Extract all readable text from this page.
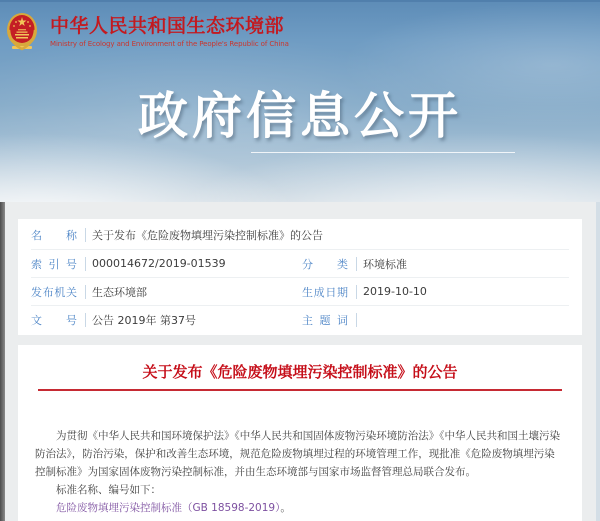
中华人民共和国生态环境部
Ministry of Ecology and Environment of the People's Republic of China
政府信息公开
名称 关于发布《危险废物填埋污染控制标准》的公告
索引号 000014672/2019-01539	分类 环境标准
发布机关 生态环境部	生成日期 2019-10-10
文号 公告 2019年 第37号	主题词
关于发布《危险废物填埋污染控制标准》的公告

为贯彻《中华人民共和国环境保护法》《中华人民共和国固体废物污染环境防治法》《中华人民共和国土壤污染防治法》，防治污染，保护和改善生态环境，规范危险废物填埋过程的环境管理工作，现批准《危险废物填埋污染控制标准》为国家固体废物污染控制标准，并由生态环境部与国家市场监督管理总局联合发布。

标准名称、编号如下：

危险废物填埋污染控制标准（GB 18598-2019）。
